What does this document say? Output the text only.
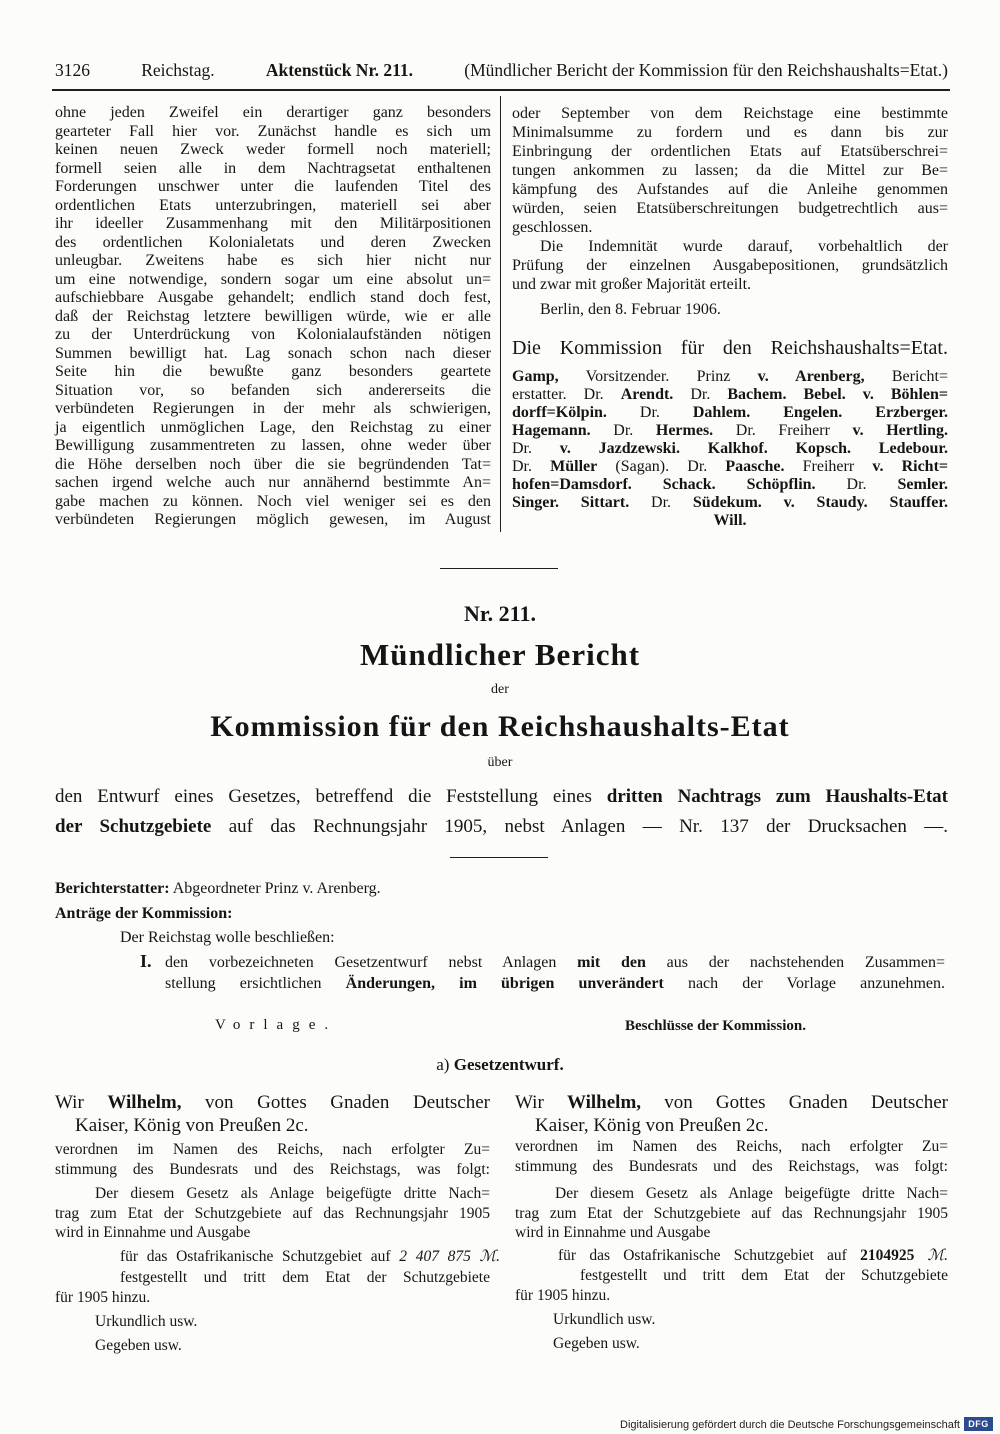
3126	Reichstag.	Aktenstück Nr. 211.	(Mündlicher Bericht der Kommission für den Reichshaushalts=Etat.)
ohne jeden Zweifel ein derartiger ganz besonders
gearteter Fall hier vor. Zunächst handle es sich um
keinen neuen Zweck weder formell noch materiell;
formell seien alle in dem Nachtragsetat enthaltenen
Forderungen unschwer unter die laufenden Titel des
ordentlichen Etats unterzubringen, materiell sei aber
ihr ideeller Zusammenhang mit den Militärpositionen
des ordentlichen Kolonialetats und deren Zwecken
unleugbar. Zweitens habe es sich hier nicht nur
um eine notwendige, sondern sogar um eine absolut un=
aufschiebbare Ausgabe gehandelt; endlich stand doch fest,
daß der Reichstag letztere bewilligen würde, wie er alle
zu der Unterdrückung von Kolonialaufständen nötigen
Summen bewilligt hat. Lag sonach schon nach dieser
Seite hin die bewußte ganz besonders geartete
Situation vor, so befanden sich andererseits die
verbündeten Regierungen in der mehr als schwierigen,
ja eigentlich unmöglichen Lage, den Reichstag zu einer
Bewilligung zusammentreten zu lassen, ohne weder über
die Höhe derselben noch über die sie begründenden Tat=
sachen irgend welche auch nur annähernd bestimmte An=
gabe machen zu können. Noch viel weniger sei es den
verbündeten Regierungen möglich gewesen, im August
oder September von dem Reichstage eine bestimmte
Minimalsumme zu fordern und es dann bis zur
Einbringung der ordentlichen Etats auf Etatsüberschrei=
tungen ankommen zu lassen; da die Mittel zur Be=
kämpfung des Aufstandes auf die Anleihe genommen
würden, seien Etatsüberschreitungen budgetrechtlich aus=
geschlossen.
Die Indemnität wurde darauf, vorbehaltlich der
Prüfung der einzelnen Ausgabepositionen, grundsätzlich
und zwar mit großer Majorität erteilt.
Berlin, den 8. Februar 1906.
Die Kommission für den Reichshaushalts=Etat.
Gamp, Vorsitzender. Prinz v. Arenberg, Bericht=
erstatter. Dr. Arendt. Dr. Bachem. Bebel. v. Böhlen=
dorff=Kölpin. Dr. Dahlem. Engelen. Erzberger.
Hagemann. Dr. Hermes. Dr. Freiherr v. Hertling.
Dr. v. Jazdzewski. Kalkhof. Kopsch. Ledebour.
Dr. Müller (Sagan). Dr. Paasche. Freiherr v. Richt=
hofen=Damsdorf. Schack. Schöpflin. Dr. Semler.
Singer. Sittart. Dr. Südekum. v. Staudy. Stauffer.
Will.
Nr. 211.
Mündlicher Bericht
der
Kommission für den Reichshaushalts-Etat
über
den Entwurf eines Gesetzes, betreffend die Feststellung eines dritten Nachtrags zum Haushalts-Etat
der Schutzgebiete auf das Rechnungsjahr 1905, nebst Anlagen — Nr. 137 der Drucksachen —.
Berichterstatter: Abgeordneter Prinz v. Arenberg.
Anträge der Kommission:
Der Reichstag wolle beschließen:
I. den vorbezeichneten Gesetzentwurf nebst Anlagen mit den aus der nachstehenden Zusammen=
stellung ersichtlichen Änderungen, im übrigen unverändert nach der Vorlage anzunehmen.
Vorlage.	Beschlüsse der Kommission.
a) Gesetzentwurf.
Wir Wilhelm, von Gottes Gnaden Deutscher
Kaiser, König von Preußen 2c.
verordnen im Namen des Reichs, nach erfolgter Zu=
stimmung des Bundesrats und des Reichstags, was folgt:
Der diesem Gesetz als Anlage beigefügte dritte Nach=
trag zum Etat der Schutzgebiete auf das Rechnungsjahr 1905
wird in Einnahme und Ausgabe
für das Ostafrikanische Schutzgebiet auf 2 407 875 ℳ.
festgestellt und tritt dem Etat der Schutzgebiete
für 1905 hinzu.
Urkundlich usw.
Gegeben usw.
Wir Wilhelm, von Gottes Gnaden Deutscher
Kaiser, König von Preußen 2c.
verordnen im Namen des Reichs, nach erfolgter Zu=
stimmung des Bundesrats und des Reichstags, was folgt:
Der diesem Gesetz als Anlage beigefügte dritte Nach=
trag zum Etat der Schutzgebiete auf das Rechnungsjahr 1905
wird in Einnahme und Ausgabe
für das Ostafrikanische Schutzgebiet auf 2104925 ℳ.
festgestellt und tritt dem Etat der Schutzgebiete
für 1905 hinzu.
Urkundlich usw.
Gegeben usw.
Digitalisierung gefördert durch die Deutsche Forschungsgemeinschaft DFG
